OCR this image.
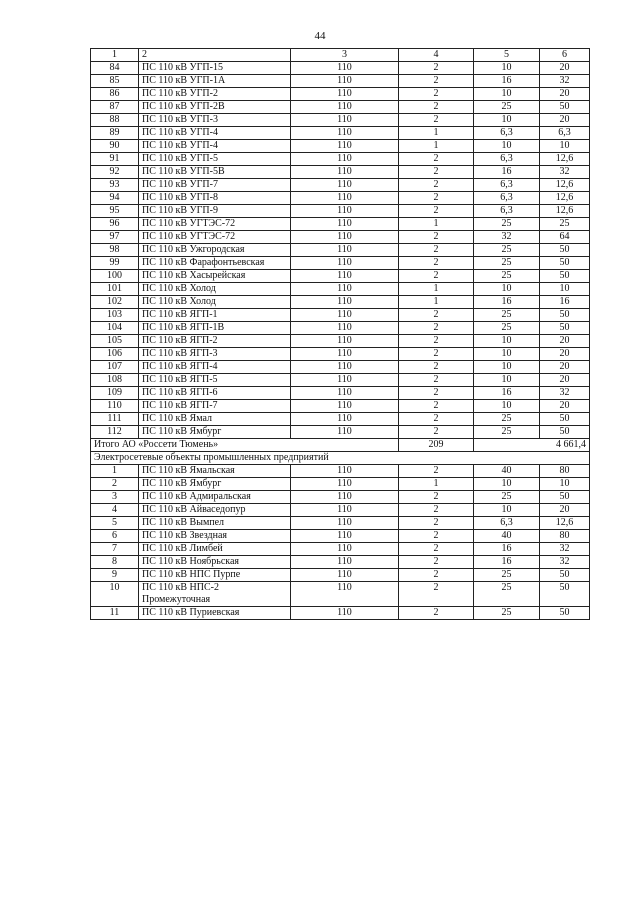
44
1	2	3	4	5	6
84	ПС 110 кВ УГП-15	110	2	10	20
85	ПС 110 кВ УГП-1А	110	2	16	32
86	ПС 110 кВ УГП-2	110	2	10	20
87	ПС 110 кВ УГП-2В	110	2	25	50
88	ПС 110 кВ УГП-3	110	2	10	20
89	ПС 110 кВ УГП-4	110	1	6,3	6,3
90	ПС 110 кВ УГП-4	110	1	10	10
91	ПС 110 кВ УГП-5	110	2	6,3	12,6
92	ПС 110 кВ УГП-5В	110	2	16	32
93	ПС 110 кВ УГП-7	110	2	6,3	12,6
94	ПС 110 кВ УГП-8	110	2	6,3	12,6
95	ПС 110 кВ УГП-9	110	2	6,3	12,6
96	ПС 110 кВ УГТЭС-72	110	1	25	25
97	ПС 110 кВ УГТЭС-72	110	2	32	64
98	ПС 110 кВ Ужгородская	110	2	25	50
99	ПС 110 кВ Фарафонтьевская	110	2	25	50
100	ПС 110 кВ Хасырейская	110	2	25	50
101	ПС 110 кВ Холод	110	1	10	10
102	ПС 110 кВ Холод	110	1	16	16
103	ПС 110 кВ ЯГП-1	110	2	25	50
104	ПС 110 кВ ЯГП-1В	110	2	25	50
105	ПС 110 кВ ЯГП-2	110	2	10	20
106	ПС 110 кВ ЯГП-3	110	2	10	20
107	ПС 110 кВ ЯГП-4	110	2	10	20
108	ПС 110 кВ ЯГП-5	110	2	10	20
109	ПС 110 кВ ЯГП-6	110	2	16	32
110	ПС 110 кВ ЯГП-7	110	2	10	20
111	ПС 110 кВ Ямал	110	2	25	50
112	ПС 110 кВ Ямбург	110	2	25	50
Итого АО «Россети Тюмень»			209	4 661,4	
Электросетевые объекты промышленных предприятий					
1	ПС 110 кВ Ямальская	110	2	40	80
2	ПС 110 кВ Ямбург	110	1	10	10
3	ПС 110 кВ Адмиральская	110	2	25	50
4	ПС 110 кВ Айваседопур	110	2	10	20
5	ПС 110 кВ Вымпел	110	2	6,3	12,6
6	ПС 110 кВ Звездная	110	2	40	80
7	ПС 110 кВ Лимбей	110	2	16	32
8	ПС 110 кВ Ноябрьская	110	2	16	32
9	ПС 110 кВ НПС Пурпе	110	2	25	50
10	ПС 110 кВ НПС-2 Промежуточная	110	2	25	50
11	ПС 110 кВ Пуриевская	110	2	25	50
